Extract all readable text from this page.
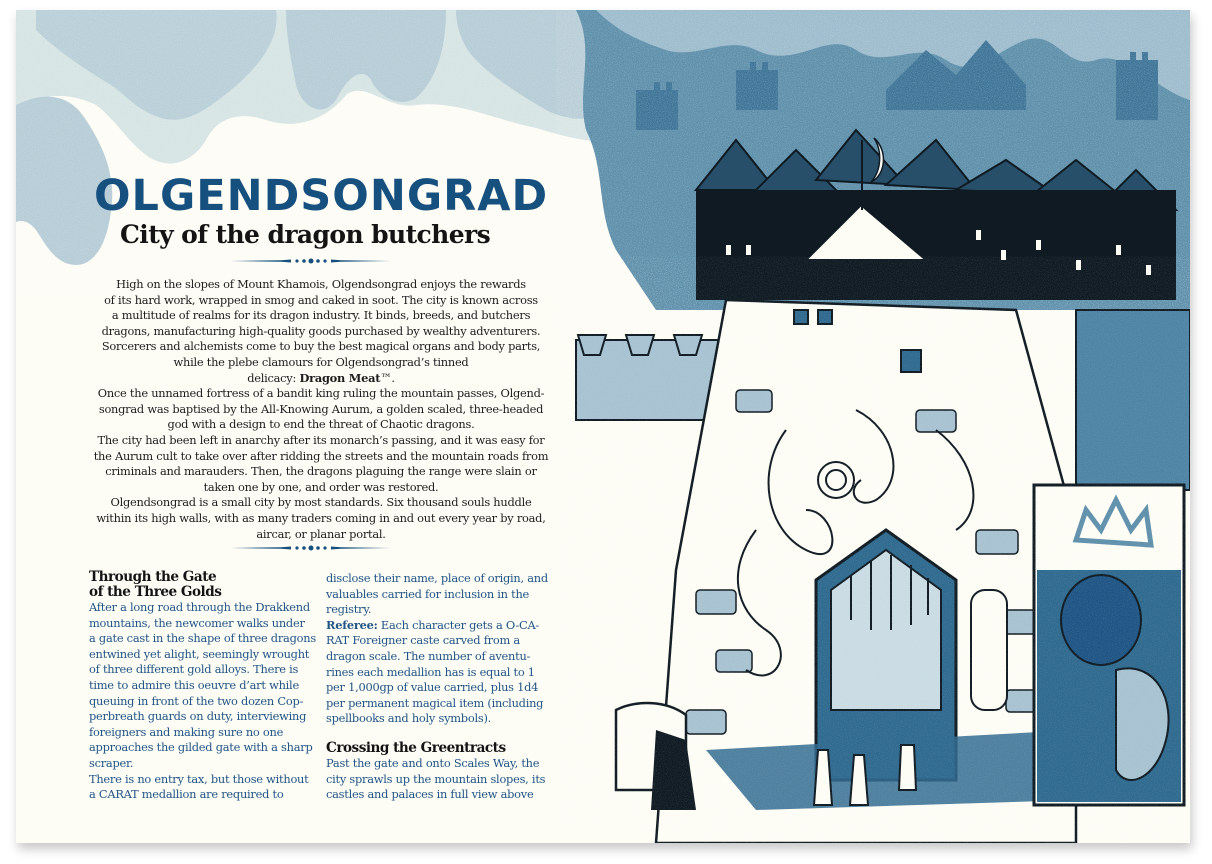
OLGENDSONGRAD
City of the dragon butchers

High on the slopes of Mount Khamois, Olgendsongrad enjoys the rewards
of its hard work, wrapped in smog and caked in soot. The city is known across
a multitude of realms for its dragon industry. It binds, breeds, and butchers
dragons, manufacturing high-quality goods purchased by wealthy adventurers.
Sorcerers and alchemists come to buy the best magical organs and body parts,
while the plebe clamours for Olgendsongrad’s tinned
delicacy: Dragon Meat™.

Once the unnamed fortress of a bandit king ruling the mountain passes, Olgend-
songrad was baptised by the All-Knowing Aurum, a golden scaled, three-headed
god with a design to end the threat of Chaotic dragons.

The city had been left in anarchy after its monarch’s passing, and it was easy for
the Aurum cult to take over after ridding the streets and the mountain roads from
criminals and marauders. Then, the dragons plaguing the range were slain or
taken one by one, and order was restored.

Olgendsongrad is a small city by most standards. Six thousand souls huddle
within its high walls, with as many traders coming in and out every year by road,
aircar, or planar portal.

Through the Gate
of the Three Golds

After a long road through the Drakkend
mountains, the newcomer walks under
a gate cast in the shape of three dragons
entwined yet alight, seemingly wrought
of three different gold alloys. There is
time to admire this oeuvre d’art while
queuing in front of the two dozen Cop-
perbreath guards on duty, interviewing
foreigners and making sure no one
approaches the gilded gate with a sharp
scraper.

There is no entry tax, but those without
a CARAT medallion are required to

disclose their name, place of origin, and
valuables carried for inclusion in the
registry.

Referee: Each character gets a O-CA-
RAT Foreigner caste carved from a
dragon scale. The number of aventu-
rines each medallion has is equal to 1
per 1,000gp of value carried, plus 1d4
per permanent magical item (including
spellbooks and holy symbols).

Crossing the Greentracts

Past the gate and onto Scales Way, the
city sprawls up the mountain slopes, its
castles and palaces in full view above
